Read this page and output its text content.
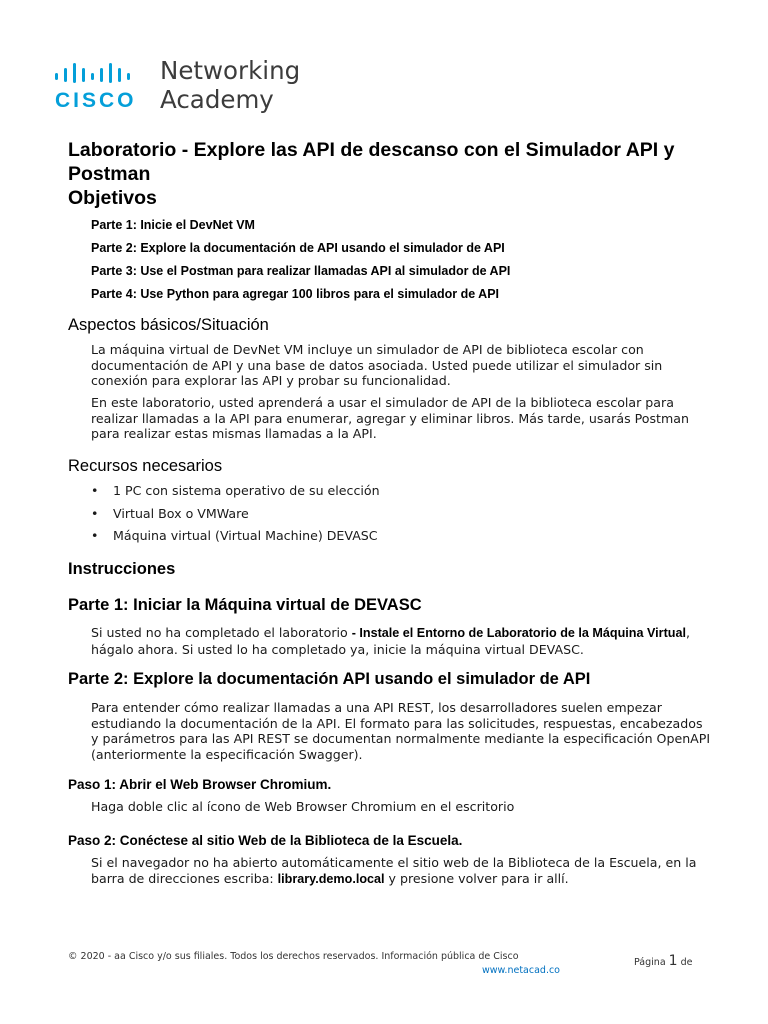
CISCO
Networking
Academy
Laboratorio - Explore las API de descanso con el Simulador API y Postman
Objetivos
Parte 1: Inicie el DevNet VM
Parte 2: Explore la documentación de API usando el simulador de API
Parte 3: Use el Postman para realizar llamadas API al simulador de API
Parte 4: Use Python para agregar 100 libros para el simulador de API
Aspectos básicos/Situación

La máquina virtual de DevNet VM incluye un simulador de API de biblioteca escolar con documentación de API y una base de datos asociada. Usted puede utilizar el simulador sin conexión para explorar las API y probar su funcionalidad.

En este laboratorio, usted aprenderá a usar el simulador de API de la biblioteca escolar para realizar llamadas a la API para enumerar, agregar y eliminar libros. Más tarde, usarás Postman para realizar estas mismas llamadas a la API.

Recursos necesarios
• 1 PC con sistema operativo de su elección
• Virtual Box o VMWare
• Máquina virtual (Virtual Machine) DEVASC
Instrucciones
Parte 1: Iniciar la Máquina virtual de DEVASC

Si usted no ha completado el laboratorio - Instale el Entorno de Laboratorio de la Máquina Virtual, hágalo ahora. Si usted lo ha completado ya, inicie la máquina virtual DEVASC.

Parte 2: Explore la documentación API usando el simulador de API

Para entender cómo realizar llamadas a una API REST, los desarrolladores suelen empezar estudiando la documentación de la API. El formato para las solicitudes, respuestas, encabezados y parámetros para las API REST se documentan normalmente mediante la especificación OpenAPI (anteriormente la especificación Swagger).

Paso 1: Abrir el Web Browser Chromium.

Haga doble clic al ícono de Web Browser Chromium en el escritorio

Paso 2: Conéctese al sitio Web de la Biblioteca de la Escuela.

Si el navegador no ha abierto automáticamente el sitio web de la Biblioteca de la Escuela, en la barra de direcciones escriba: library.demo.local y presione volver para ir allí.

© 2020 - aa Cisco y/o sus filiales. Todos los derechos reservados. Información pública de Cisco
www.netacad.co
Página 1 de
